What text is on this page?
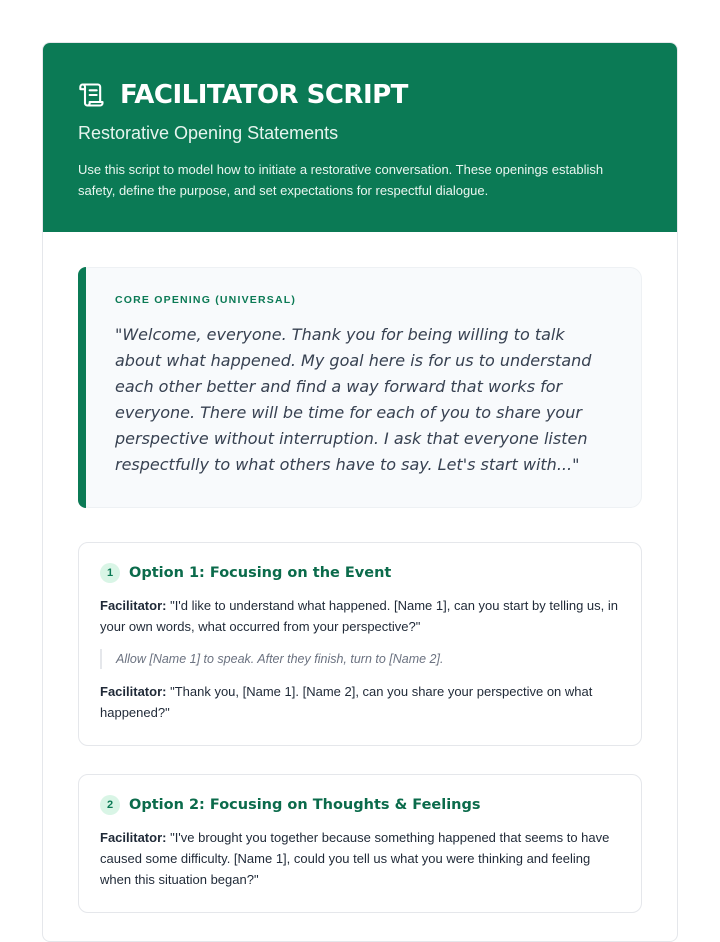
FACILITATOR SCRIPT
Restorative Opening Statements

Use this script to model how to initiate a restorative conversation. These openings establish safety, define the purpose, and set expectations for respectful dialogue.

CORE OPENING (UNIVERSAL)

"Welcome, everyone. Thank you for being willing to talk about what happened. My goal here is for us to understand each other better and find a way forward that works for everyone. There will be time for each of you to share your perspective without interruption. I ask that everyone listen respectfully to what others have to say. Let's start with..."

1	Option 1: Focusing on the Event

Facilitator: "I'd like to understand what happened. [Name 1], can you start by telling us, in your own words, what occurred from your perspective?"

Allow [Name 1] to speak. After they finish, turn to [Name 2].

Facilitator: "Thank you, [Name 1]. [Name 2], can you share your perspective on what happened?"

2	Option 2: Focusing on Thoughts & Feelings

Facilitator: "I've brought you together because something happened that seems to have caused some difficulty. [Name 1], could you tell us what you were thinking and feeling when this situation began?"
